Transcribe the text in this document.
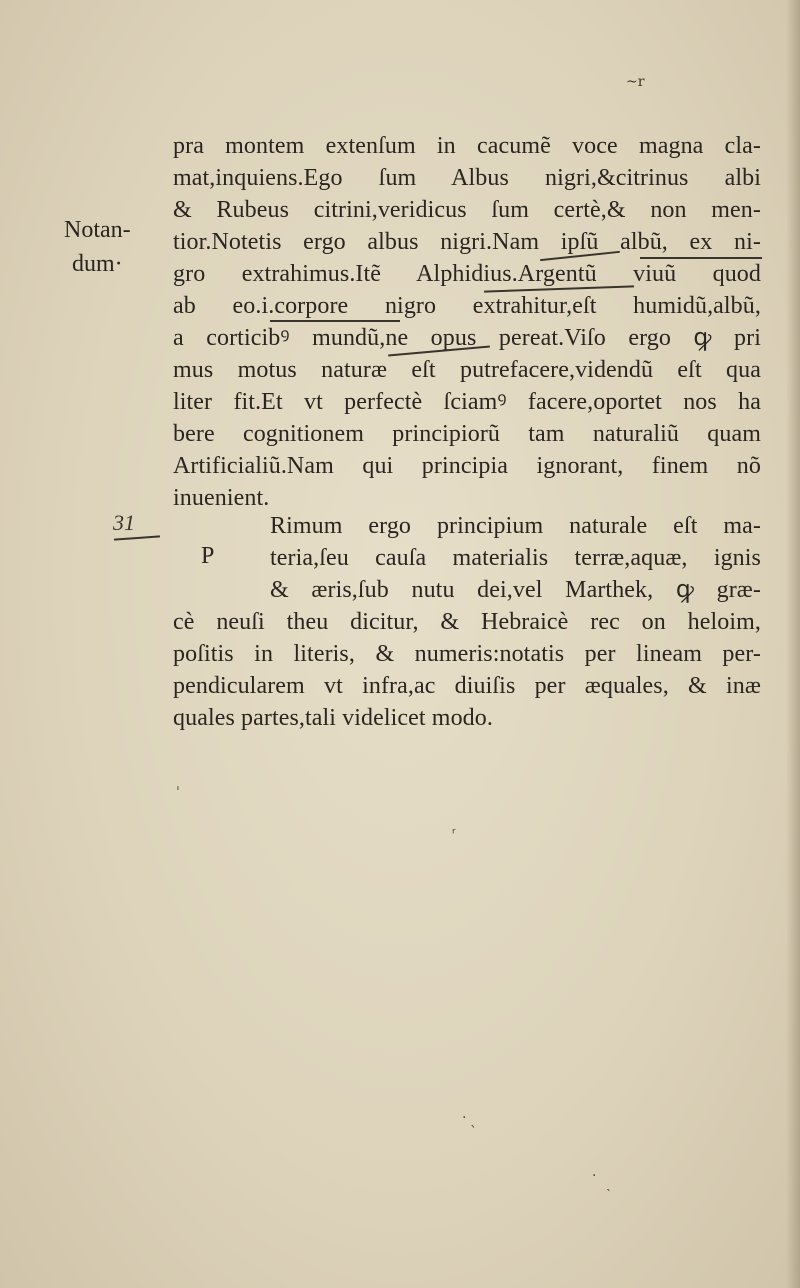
~r
Notan-
dum·
31
pra montem extenſum in cacumẽ voce magna cla-
mat,inquiens.Ego ſum Albus nigri,&citrinus albi
& Rubeus citrini,veridicus ſum certè,& non men-
tior.Notetis ergo albus nigri.Nam ipſũ albũ, ex ni-
gro extrahimus.Itẽ Alphidius.Argentũ viuũ quod
ab eo.i.corpore nigro extrahitur,eſt humidũ,albũ,
a corticibꝰ mundũ,ne opus pereat.Viſo ergo ꝙ pri
mus motus naturæ eſt putrefacere,videndũ eſt qua
liter fit.Et vt perfectè ſciamꝰ facere,oportet nos ha
bere cognitionem principiorũ tam naturaliũ quam
Artificialiũ.Nam qui principia ignorant, finem nõ
inuenient.
P
Rimum ergo principium naturale eſt ma-
teria,ſeu cauſa materialis terræ,aquæ, ignis
& æris,ſub nutu dei,vel Marthek, ꝙ græ-
cè neuſi theu dicitur, & Hebraicè rec on heloim,
poſitis in literis, & numeris:notatis per lineam per-
pendicularem vt infra,ac diuiſis per æquales, & inæ
quales partes,tali videlicet modo.
ʳ
· ˎ
·
˴
ˌ
